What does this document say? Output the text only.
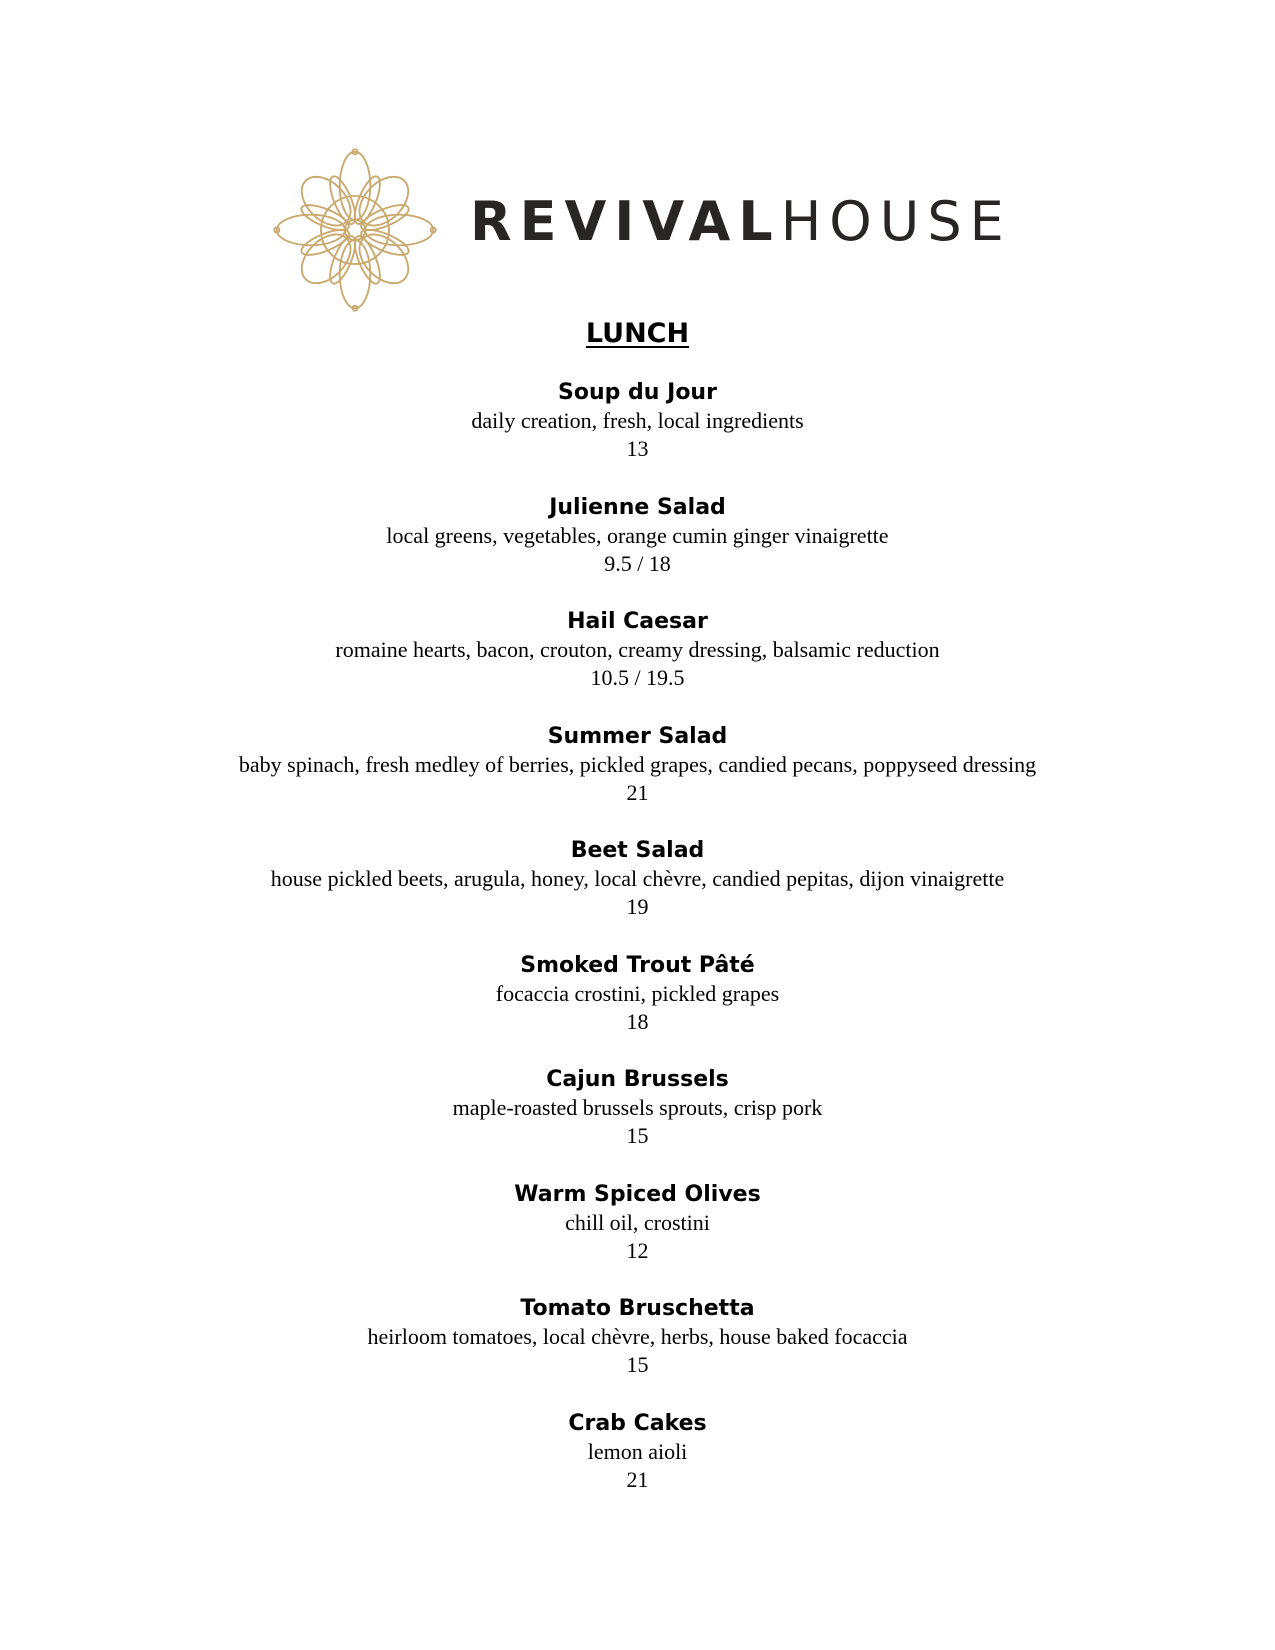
REVIVALHOUSE
LUNCH
Soup du Jour
daily creation, fresh, local ingredients
13
Julienne Salad
local greens, vegetables, orange cumin ginger vinaigrette
9.5 / 18
Hail Caesar
romaine hearts, bacon, crouton, creamy dressing, balsamic reduction
10.5 / 19.5
Summer Salad
baby spinach, fresh medley of berries, pickled grapes, candied pecans, poppyseed dressing
21
Beet Salad
house pickled beets, arugula, honey, local chèvre, candied pepitas, dijon vinaigrette
19
Smoked Trout Pâté
focaccia crostini, pickled grapes
18
Cajun Brussels
maple-roasted brussels sprouts, crisp pork
15
Warm Spiced Olives
chill oil, crostini
12
Tomato Bruschetta
heirloom tomatoes, local chèvre, herbs, house baked focaccia
15
Crab Cakes
lemon aioli
21
